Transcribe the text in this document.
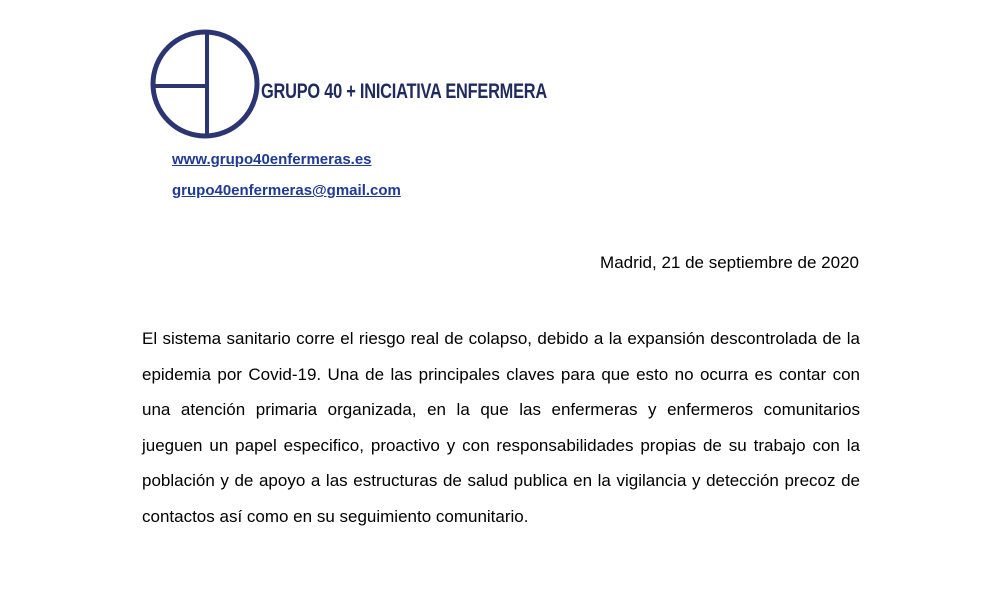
GRUPO 40 + INICIATIVA ENFERMERA
www.grupo40enfermeras.es
grupo40enfermeras@gmail.com
Madrid, 21 de septiembre de 2020

El sistema sanitario corre el riesgo real de colapso, debido a la expansión descontrolada de la epidemia por Covid-19. Una de las principales claves para que esto no ocurra es contar con una atención primaria organizada, en la que las enfermeras y enfermeros comunitarios jueguen un papel especifico, proactivo y con responsabilidades propias de su trabajo con la población y de apoyo a las estructuras de salud publica en la vigilancia y detección precoz de contactos así como en su seguimiento comunitario.
